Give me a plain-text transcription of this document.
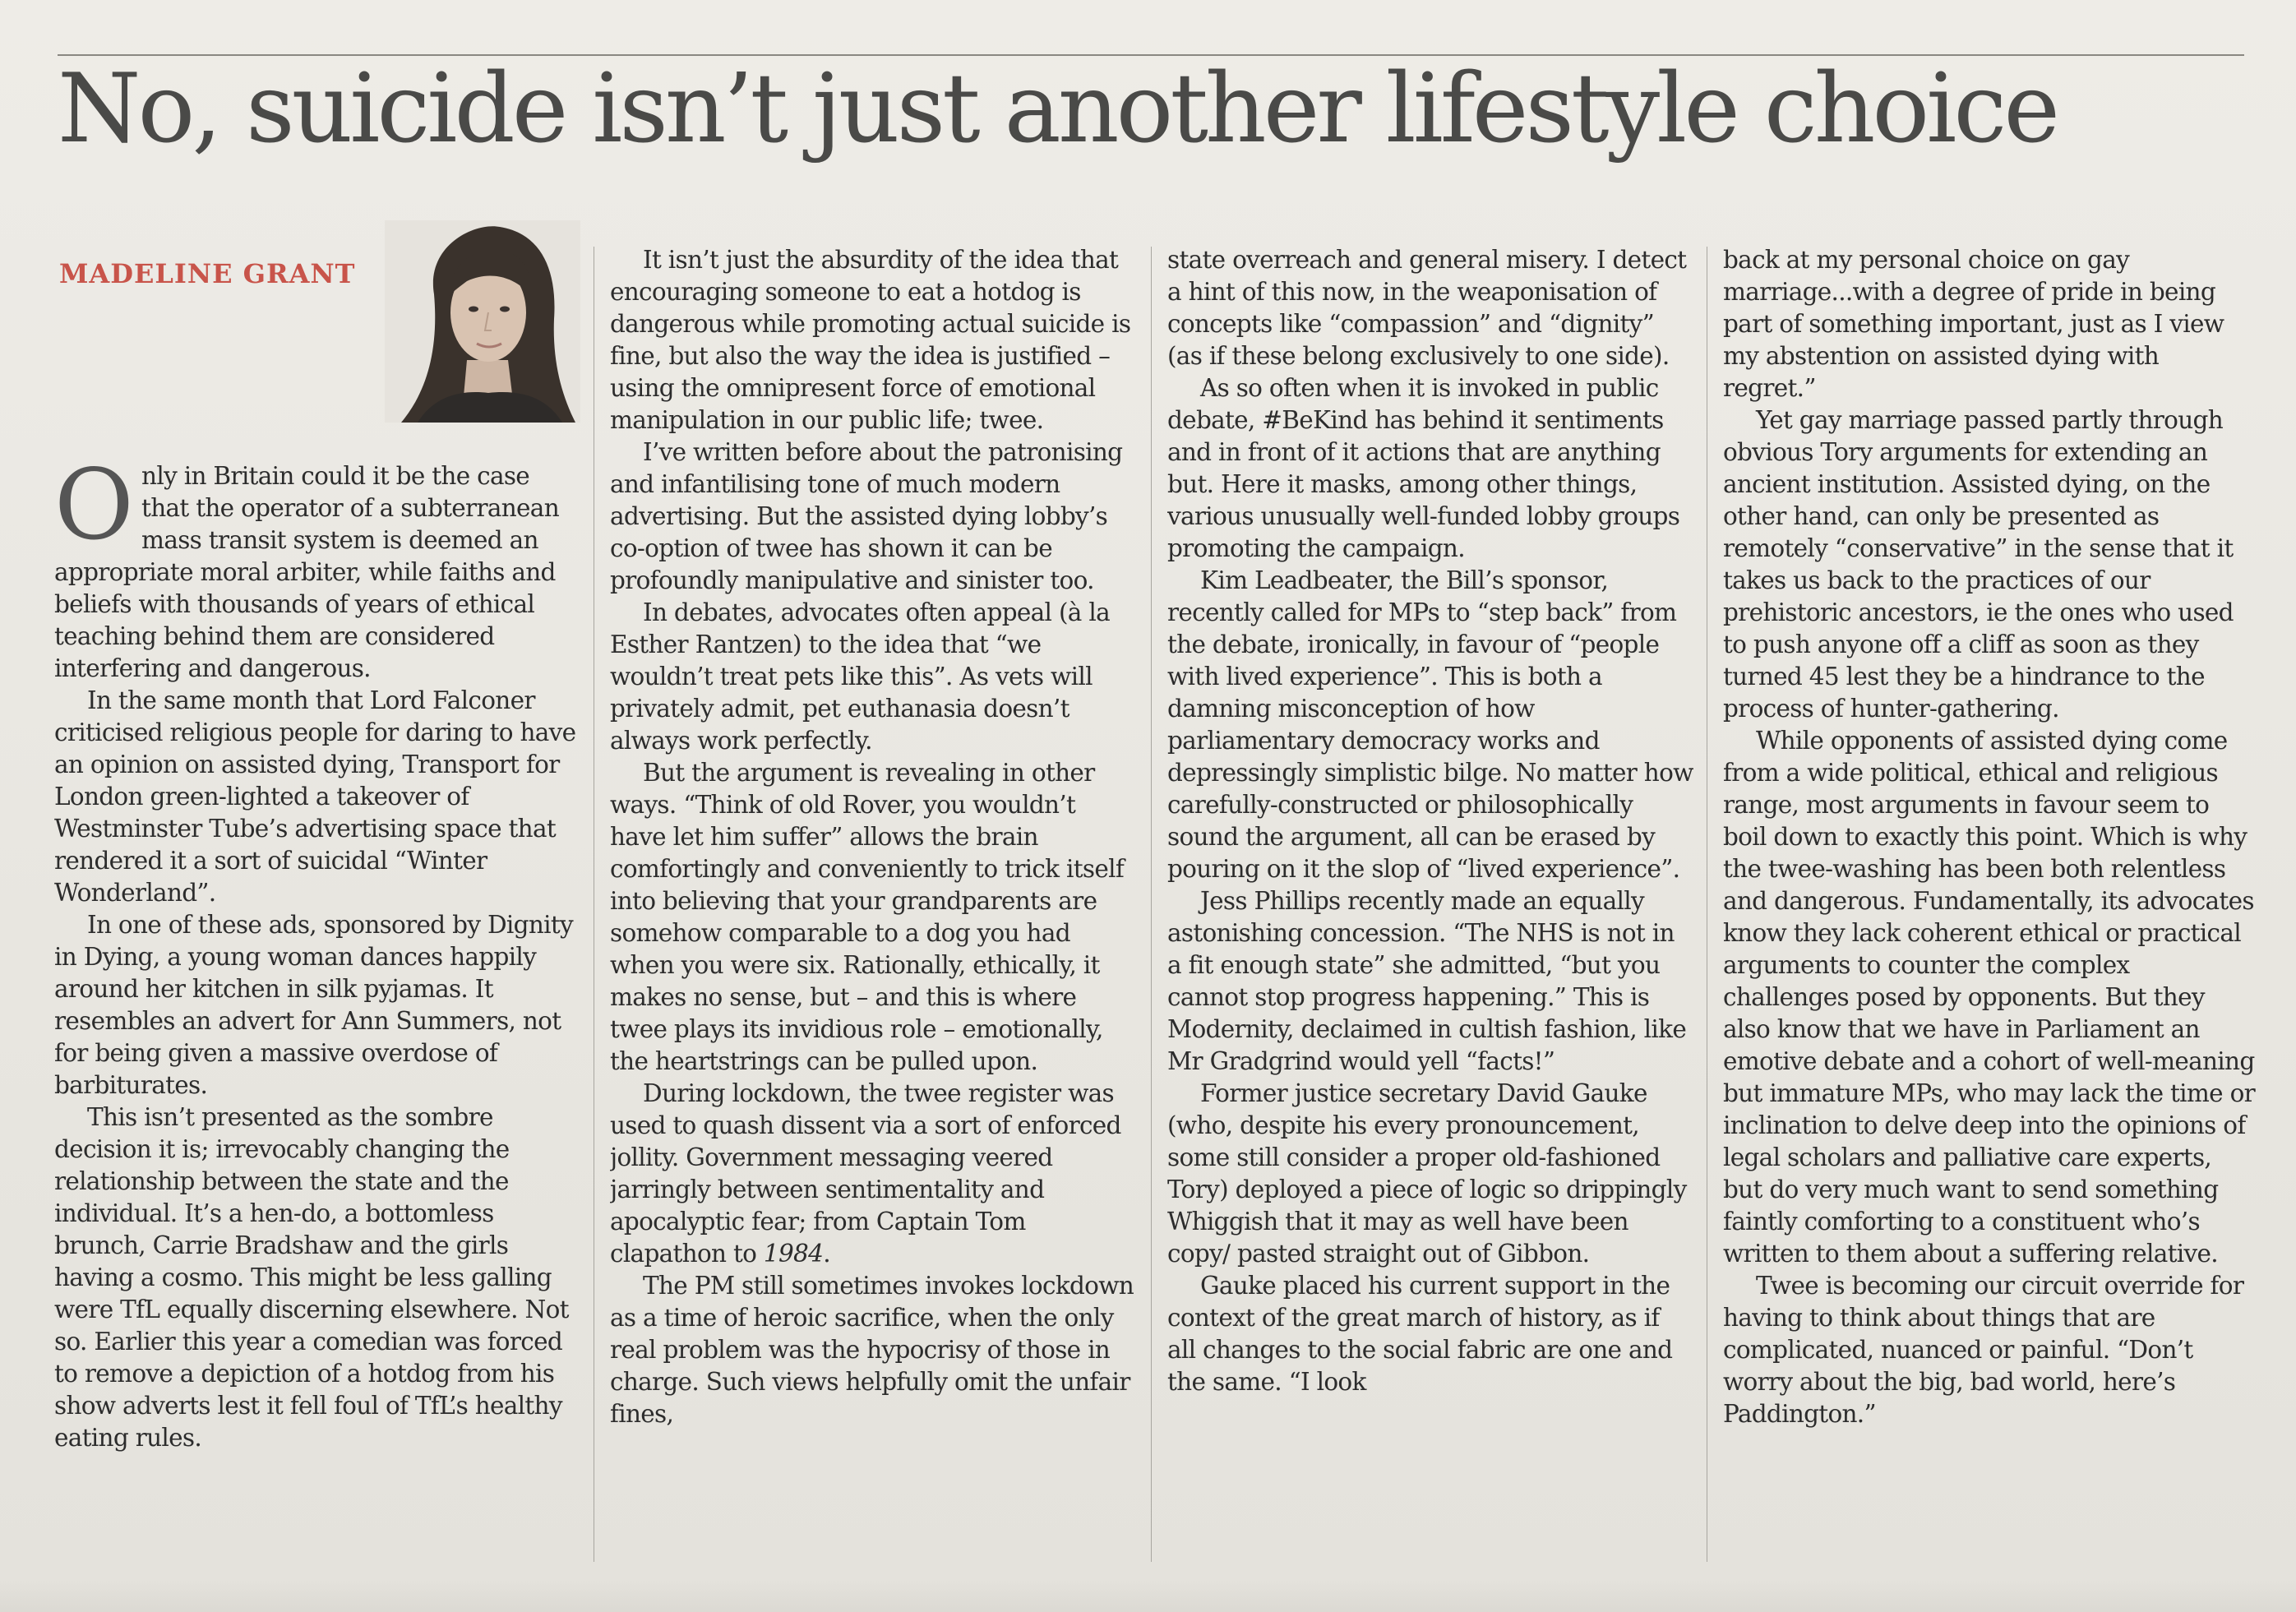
No, suicide isn’t just another lifestyle choice
MADELINE GRANT

Only in Britain could it be the case that the operator of a subterranean mass transit system is deemed an appropriate moral arbiter, while faiths and beliefs with thousands of years of ethical teaching behind them are considered interfering and dangerous.

In the same month that Lord Falconer criticised religious people for daring to have an opinion on assisted dying, Transport for London green-lighted a takeover of Westminster Tube’s advertising space that rendered it a sort of suicidal “Winter Wonderland”.

In one of these ads, sponsored by Dignity in Dying, a young woman dances happily around her kitchen in silk pyjamas. It resembles an advert for Ann Summers, not for being given a massive overdose of barbiturates.

This isn’t presented as the sombre decision it is; irrevocably changing the relationship between the state and the individual. It’s a hen-do, a bottomless brunch, Carrie Bradshaw and the girls having a cosmo. This might be less galling were TfL equally discerning elsewhere. Not so. Earlier this year a comedian was forced to remove a depiction of a hotdog from his show adverts lest it fell foul of TfL’s healthy eating rules.

It isn’t just the absurdity of the idea that encouraging someone to eat a hotdog is dangerous while promoting actual suicide is fine, but also the way the idea is justified – using the omnipresent force of emotional manipulation in our public life; twee.

I’ve written before about the patronising and infantilising tone of much modern advertising. But the assisted dying lobby’s co-option of twee has shown it can be profoundly manipulative and sinister too.

In debates, advocates often appeal (à la Esther Rantzen) to the idea that “we wouldn’t treat pets like this”. As vets will privately admit, pet euthanasia doesn’t always work perfectly.

But the argument is revealing in other ways. “Think of old Rover, you wouldn’t have let him suffer” allows the brain comfortingly and conveniently to trick itself into believing that your grandparents are somehow comparable to a dog you had when you were six. Rationally, ethically, it makes no sense, but – and this is where twee plays its invidious role – emotionally, the heartstrings can be pulled upon.

During lockdown, the twee register was used to quash dissent via a sort of enforced jollity. Government messaging veered jarringly between sentimentality and apocalyptic fear; from Captain Tom clapathon to 1984.

The PM still sometimes invokes lockdown as a time of heroic sacrifice, when the only real problem was the hypocrisy of those in charge. Such views helpfully omit the unfair fines,

state overreach and general misery. I detect a hint of this now, in the weaponisation of concepts like “compassion” and “dignity” (as if these belong exclusively to one side).

As so often when it is invoked in public debate, #BeKind has behind it sentiments and in front of it actions that are anything but. Here it masks, among other things, various unusually well-funded lobby groups promoting the campaign.

Kim Leadbeater, the Bill’s sponsor, recently called for MPs to “step back” from the debate, ironically, in favour of “people with lived experience”. This is both a damning misconception of how parliamentary democracy works and depressingly simplistic bilge. No matter how carefully-constructed or philosophically sound the argument, all can be erased by pouring on it the slop of “lived experience”.

Jess Phillips recently made an equally astonishing concession. “The NHS is not in a fit enough state” she admitted, “but you cannot stop progress happening.” This is Modernity, declaimed in cultish fashion, like Mr Gradgrind would yell “facts!”

Former justice secretary David Gauke (who, despite his every pronouncement, some still consider a proper old-fashioned Tory) deployed a piece of logic so drippingly Whiggish that it may as well have been copy/ pasted straight out of Gibbon.

Gauke placed his current support in the context of the great march of history, as if all changes to the social fabric are one and the same. “I look

back at my personal choice on gay marriage...with a degree of pride in being part of something important, just as I view my abstention on assisted dying with regret.”

Yet gay marriage passed partly through obvious Tory arguments for extending an ancient institution. Assisted dying, on the other hand, can only be presented as remotely “conservative” in the sense that it takes us back to the practices of our prehistoric ancestors, ie the ones who used to push anyone off a cliff as soon as they turned 45 lest they be a hindrance to the process of hunter-gathering.

While opponents of assisted dying come from a wide political, ethical and religious range, most arguments in favour seem to boil down to exactly this point. Which is why the twee-washing has been both relentless and dangerous. Fundamentally, its advocates know they lack coherent ethical or practical arguments to counter the complex challenges posed by opponents. But they also know that we have in Parliament an emotive debate and a cohort of well-meaning but immature MPs, who may lack the time or inclination to delve deep into the opinions of legal scholars and palliative care experts, but do very much want to send something faintly comforting to a constituent who’s written to them about a suffering relative.

Twee is becoming our circuit override for having to think about things that are complicated, nuanced or painful. “Don’t worry about the big, bad world, here’s Paddington.”
